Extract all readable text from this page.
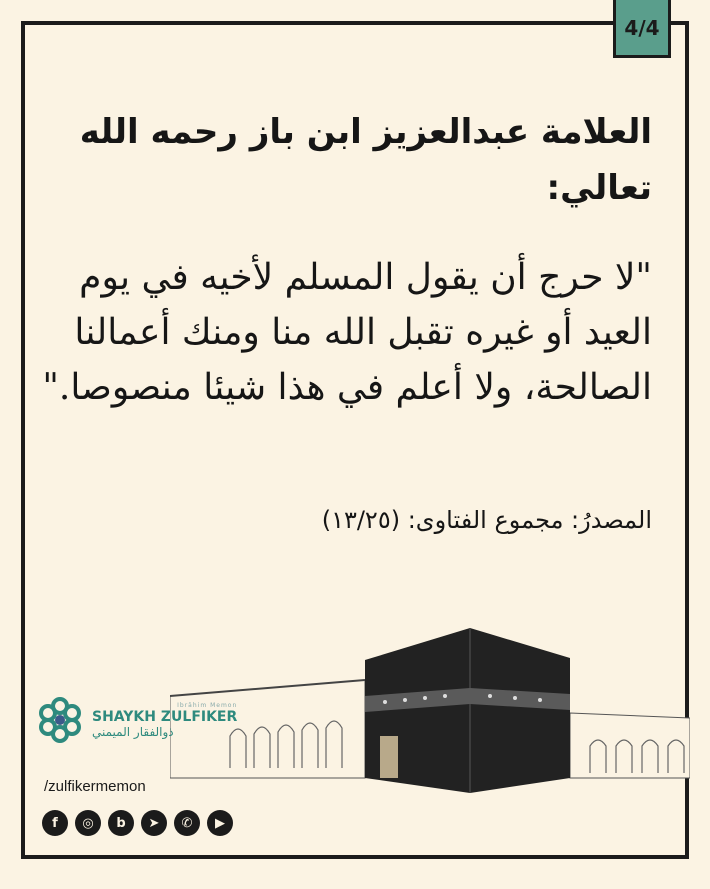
4/4
العلامة عبدالعزيز ابن باز رحمه الله تعالي:
"لا حرج أن يقول المسلم لأخيه في يوم العيد أو غيره تقبل الله منا ومنك أعمالنا الصالحة، ولا أعلم في هذا شيئا منصوصا."
المصدرُ: مجموع الفتاوى: (١٣/٢٥)
Ibrāhim Memon
SHAYKH ZULFIKER
ذوالفقار الميمني
/zulfikermemon
f	◎	b	➤	✆	▶
